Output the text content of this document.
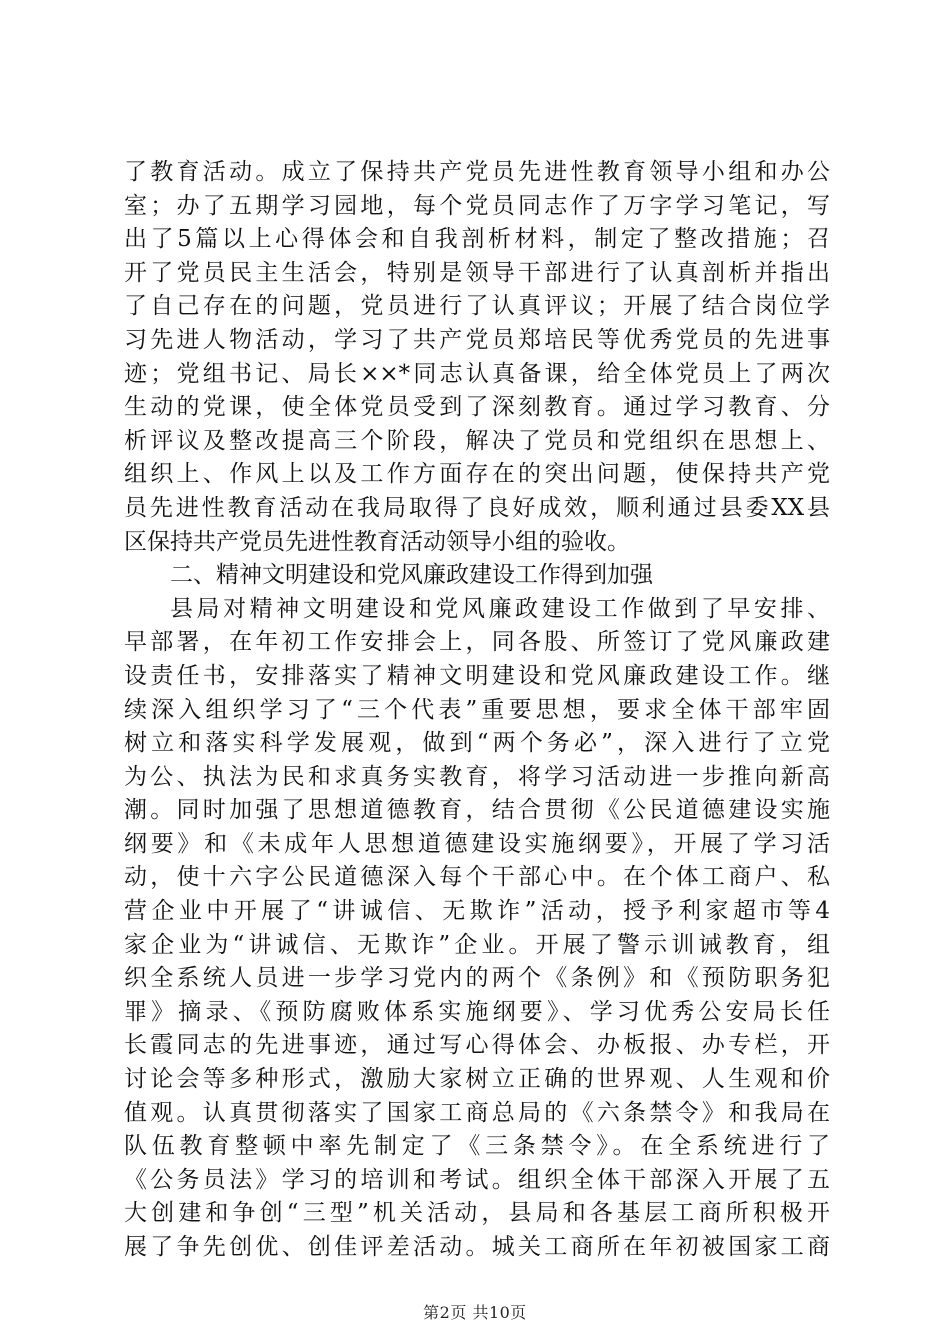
了教育活动。成立了保持共产党员先进性教育领导小组和办公
室；办了五期学习园地，每个党员同志作了万字学习笔记，写
出了5篇以上心得体会和自我剖析材料，制定了整改措施；召
开了党员民主生活会，特别是领导干部进行了认真剖析并指出
了自己存在的问题，党员进行了认真评议；开展了结合岗位学
习先进人物活动，学习了共产党员郑培民等优秀党员的先进事
迹；党组书记、局长××*同志认真备课，给全体党员上了两次
生动的党课，使全体党员受到了深刻教育。通过学习教育、分
析评议及整改提高三个阶段，解决了党员和党组织在思想上、
组织上、作风上以及工作方面存在的突出问题，使保持共产党
员先进性教育活动在我局取得了良好成效，顺利通过县委XX县
区保持共产党员先进性教育活动领导小组的验收。
二、精神文明建设和党风廉政建设工作得到加强
县局对精神文明建设和党风廉政建设工作做到了早安排、
早部署，在年初工作安排会上，同各股、所签订了党风廉政建
设责任书，安排落实了精神文明建设和党风廉政建设工作。继
续深入组织学习了“三个代表”重要思想，要求全体干部牢固
树立和落实科学发展观，做到“两个务必”，深入进行了立党
为公、执法为民和求真务实教育，将学习活动进一步推向新高
潮。同时加强了思想道德教育，结合贯彻《公民道德建设实施
纲要》和《未成年人思想道德建设实施纲要》，开展了学习活
动，使十六字公民道德深入每个干部心中。在个体工商户、私
营企业中开展了“讲诚信、无欺诈”活动，授予利家超市等4
家企业为“讲诚信、无欺诈”企业。开展了警示训诫教育，组
织全系统人员进一步学习党内的两个《条例》和《预防职务犯
罪》摘录、《预防腐败体系实施纲要》、学习优秀公安局长任
长霞同志的先进事迹，通过写心得体会、办板报、办专栏，开
讨论会等多种形式，激励大家树立正确的世界观、人生观和价
值观。认真贯彻落实了国家工商总局的《六条禁令》和我局在
队伍教育整顿中率先制定了《三条禁令》。在全系统进行了
《公务员法》学习的培训和考试。组织全体干部深入开展了五
大创建和争创“三型”机关活动，县局和各基层工商所积极开
展了争先创优、创佳评差活动。城关工商所在年初被国家工商
第2页 共10页
